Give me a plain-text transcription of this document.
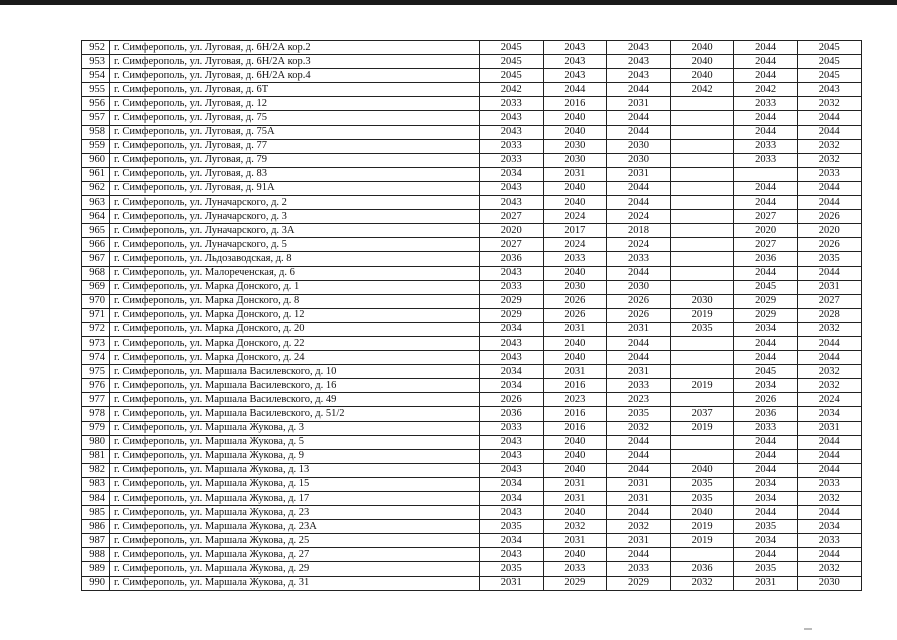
952	г. Симферополь, ул. Луговая, д. 6Н/2А кор.2	2045	2043	2043	2040	2044	2045
953	г. Симферополь, ул. Луговая, д. 6Н/2А кор.3	2045	2043	2043	2040	2044	2045
954	г. Симферополь, ул. Луговая, д. 6Н/2А кор.4	2045	2043	2043	2040	2044	2045
955	г. Симферополь, ул. Луговая, д. 6Т	2042	2044	2044	2042	2042	2043
956	г. Симферополь, ул. Луговая, д. 12	2033	2016	2031		2033	2032
957	г. Симферополь, ул. Луговая, д. 75	2043	2040	2044		2044	2044
958	г. Симферополь, ул. Луговая, д. 75А	2043	2040	2044		2044	2044
959	г. Симферополь, ул. Луговая, д. 77	2033	2030	2030		2033	2032
960	г. Симферополь, ул. Луговая, д. 79	2033	2030	2030		2033	2032
961	г. Симферополь, ул. Луговая, д. 83	2034	2031	2031			2033
962	г. Симферополь, ул. Луговая, д. 91А	2043	2040	2044		2044	2044
963	г. Симферополь, ул. Луначарского, д. 2	2043	2040	2044		2044	2044
964	г. Симферополь, ул. Луначарского, д. 3	2027	2024	2024		2027	2026
965	г. Симферополь, ул. Луначарского, д. 3А	2020	2017	2018		2020	2020
966	г. Симферополь, ул. Луначарского, д. 5	2027	2024	2024		2027	2026
967	г. Симферополь, ул. Льдозаводская, д. 8	2036	2033	2033		2036	2035
968	г. Симферополь, ул. Малореченская, д. 6	2043	2040	2044		2044	2044
969	г. Симферополь, ул. Марка Донского, д. 1	2033	2030	2030		2045	2031
970	г. Симферополь, ул. Марка Донского, д. 8	2029	2026	2026	2030	2029	2027
971	г. Симферополь, ул. Марка Донского, д. 12	2029	2026	2026	2019	2029	2028
972	г. Симферополь, ул. Марка Донского, д. 20	2034	2031	2031	2035	2034	2032
973	г. Симферополь, ул. Марка Донского, д. 22	2043	2040	2044		2044	2044
974	г. Симферополь, ул. Марка Донского, д. 24	2043	2040	2044		2044	2044
975	г. Симферополь, ул. Маршала Василевского, д. 10	2034	2031	2031		2045	2032
976	г. Симферополь, ул. Маршала Василевского, д. 16	2034	2016	2033	2019	2034	2032
977	г. Симферополь, ул. Маршала Василевского, д. 49	2026	2023	2023		2026	2024
978	г. Симферополь, ул. Маршала Василевского, д. 51/2	2036	2016	2035	2037	2036	2034
979	г. Симферополь, ул. Маршала Жукова, д. 3	2033	2016	2032	2019	2033	2031
980	г. Симферополь, ул. Маршала Жукова, д. 5	2043	2040	2044		2044	2044
981	г. Симферополь, ул. Маршала Жукова, д. 9	2043	2040	2044		2044	2044
982	г. Симферополь, ул. Маршала Жукова, д. 13	2043	2040	2044	2040	2044	2044
983	г. Симферополь, ул. Маршала Жукова, д. 15	2034	2031	2031	2035	2034	2033
984	г. Симферополь, ул. Маршала Жукова, д. 17	2034	2031	2031	2035	2034	2032
985	г. Симферополь, ул. Маршала Жукова, д. 23	2043	2040	2044	2040	2044	2044
986	г. Симферополь, ул. Маршала Жукова, д. 23А	2035	2032	2032	2019	2035	2034
987	г. Симферополь, ул. Маршала Жукова, д. 25	2034	2031	2031	2019	2034	2033
988	г. Симферополь, ул. Маршала Жукова, д. 27	2043	2040	2044		2044	2044
989	г. Симферополь, ул. Маршала Жукова, д. 29	2035	2033	2033	2036	2035	2032
990	г. Симферополь, ул. Маршала Жукова, д. 31	2031	2029	2029	2032	2031	2030
